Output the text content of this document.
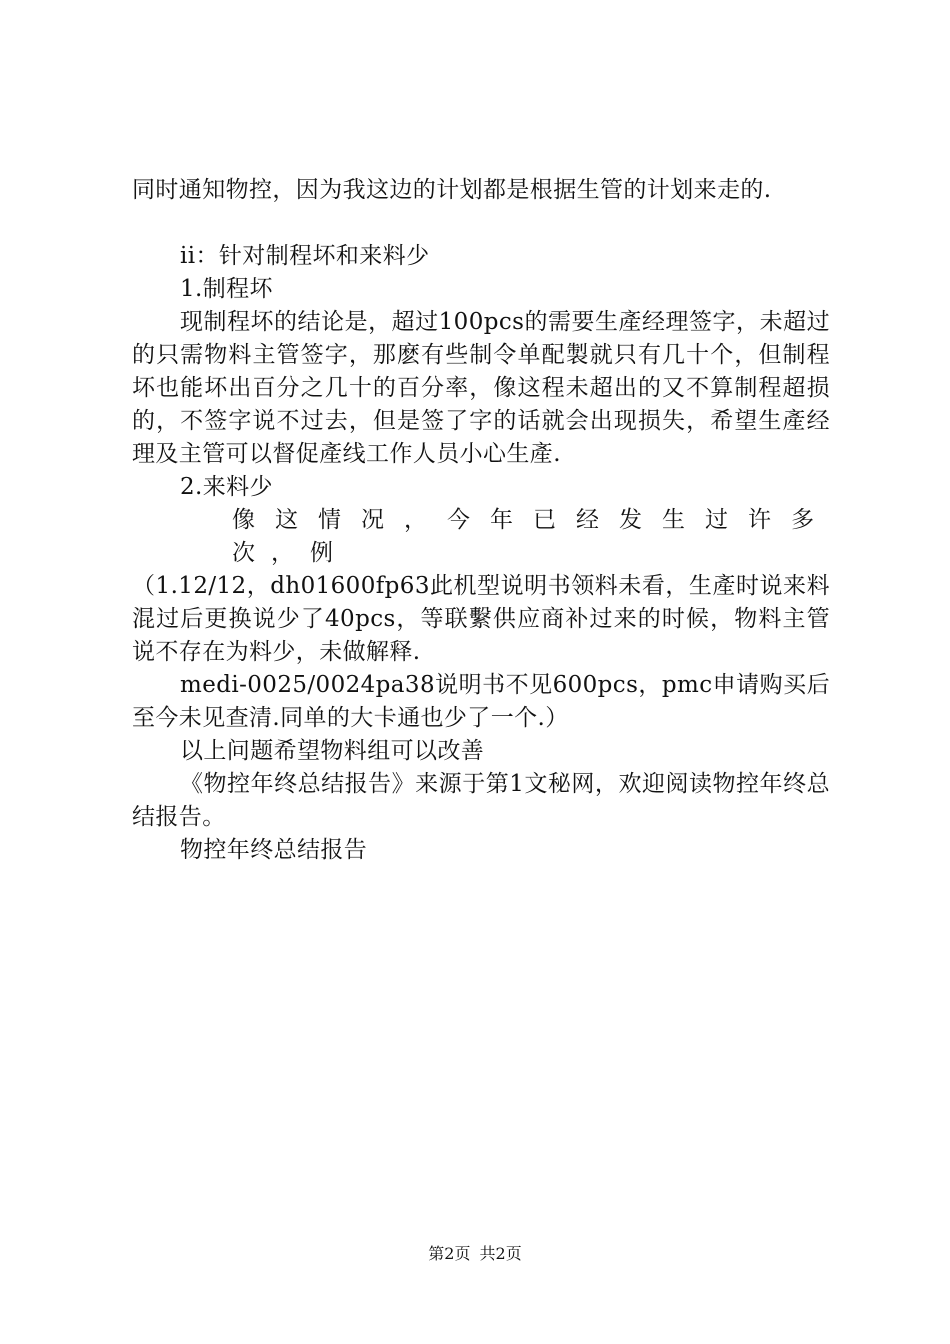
同时通知物控，因为我这边的计划都是根据生管的计划来走的.

ii：针对制程坏和来料少

1.制程坏

现制程坏的结论是，超过100pcs的需要生產经理签字，未超过的只需物料主管签字，那麽有些制令单配製就只有几十个，但制程坏也能坏出百分之几十的百分率，像这程未超出的又不算制程超损的，不签字说不过去，但是签了字的话就会出现损失，希望生產经理及主管可以督促產线工作人员小心生產.

2.来料少

像这情况，今年已经发生过许多次，例

（1.12/12，dh01600fp63此机型说明书领料未看，生產时说来料混过后更换说少了40pcs，等联繫供应商补过来的时候，物料主管说不存在为料少，未做解释.

medi-0025/0024pa38说明书不见600pcs，pmc申请购买后至今未见查清.同单的大卡通也少了一个.）

以上问题希望物料组可以改善

《物控年终总结报告》来源于第1文秘网，欢迎阅读物控年终总结报告。

物控年终总结报告

第2页 共2页
